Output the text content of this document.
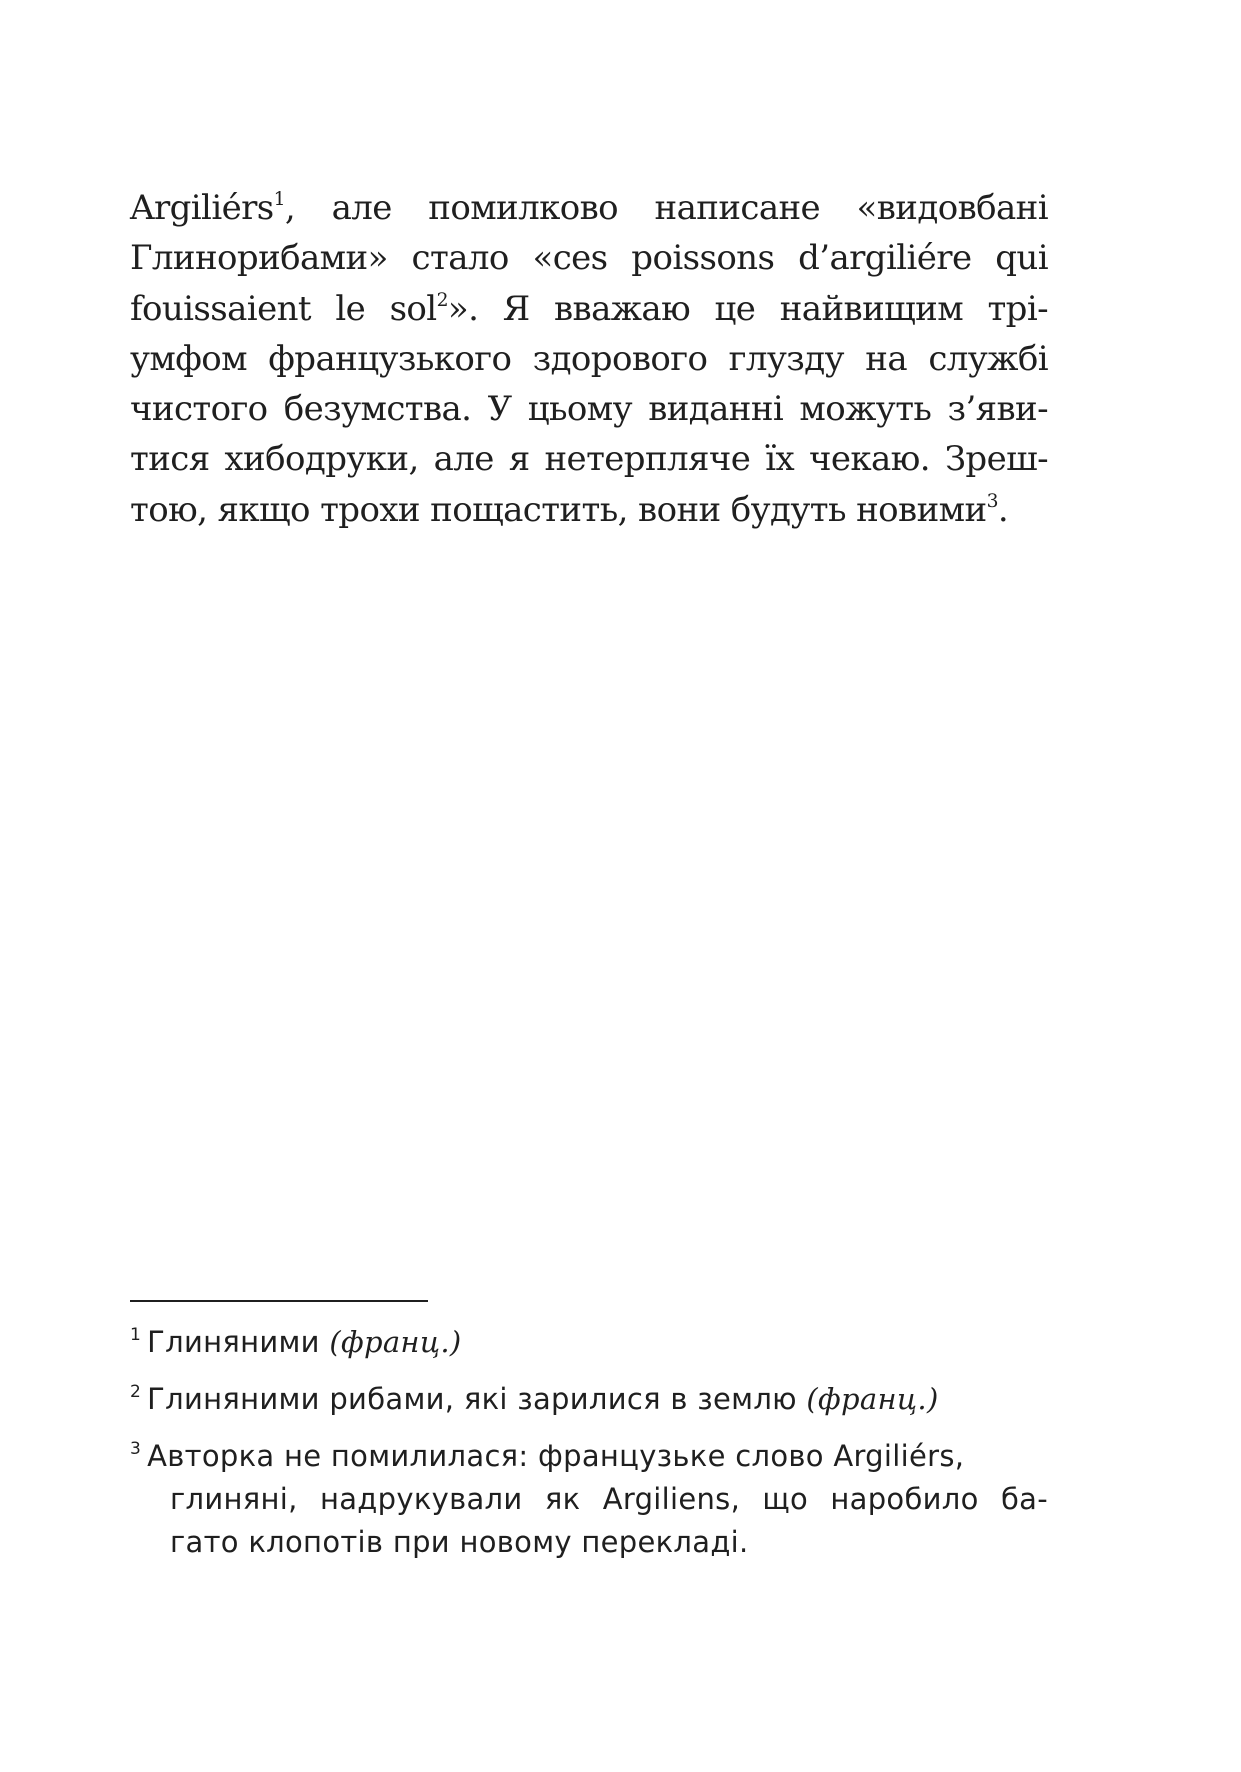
Argiliérs$^1$, але помилково написане «видовбані
Глинорибами» стало «ces poissons d’argiliére qui
fouissaient le sol$^2$». Я вважаю це найвищим трі-
умфом французького здорового глузду на службі
чистого безумства. У цьому виданні можуть з’яви-
тися хибодруки, але я нетерпляче їх чекаю. Зреш-
тою, якщо трохи пощастить, вони будуть новими$^3$.
$^1$ Глиняними (франц.)
$^2$ Глиняними рибами, які зарилися в землю (франц.)
$^3$ Авторка не помилилася: французьке слово Argiliérs,
глиняні, надрукували як Argiliens, що наробило ба-
гато клопотів при новому перекладі.
